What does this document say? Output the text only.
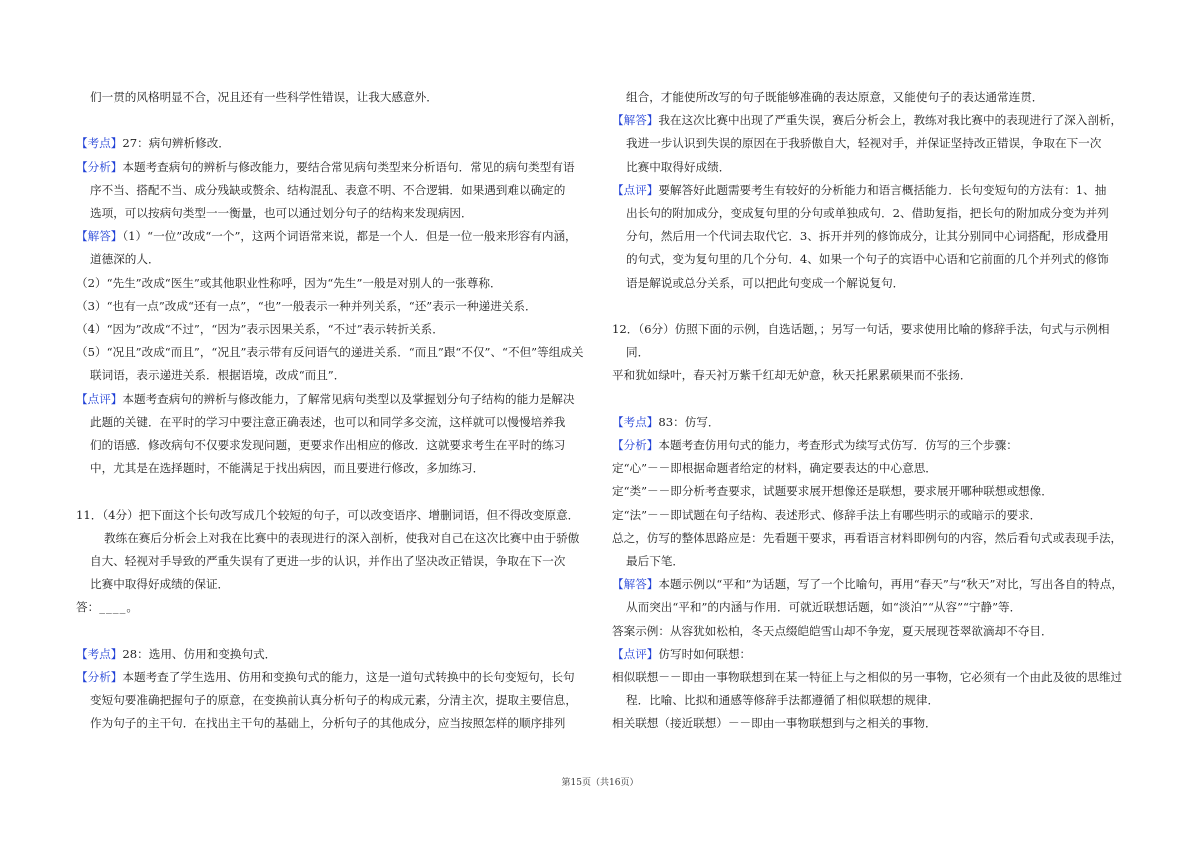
们一贯的风格明显不合，况且还有一些科学性错误，让我大感意外．

【考点】27：病句辨析修改．

【分析】本题考查病句的辨析与修改能力，要结合常见病句类型来分析语句．常见的病句类型有语

序不当、搭配不当、成分残缺或赘余、结构混乱、表意不明、不合逻辑．如果遇到难以确定的

选项，可以按病句类型一一衡量，也可以通过划分句子的结构来发现病因．

【解答】（1）“一位”改成“一个”，这两个词语常来说，都是一个人．但是一位一般来形容有内涵，

道德深的人．

（2）“先生”改成“医生”或其他职业性称呼，因为“先生”一般是对别人的一张尊称．

（3）“也有一点”改成“还有一点”，“也”一般表示一种并列关系，“还”表示一种递进关系．

（4）“因为”改成“不过”，“因为”表示因果关系，“不过”表示转折关系．

（5）“况且”改成“而且”，“况且”表示带有反问语气的递进关系．“而且”跟“不仅”、“不但”等组成关

联词语，表示递进关系．根据语境，改成“而且”．

【点评】本题考查病句的辨析与修改能力，了解常见病句类型以及掌握划分句子结构的能力是解决

此题的关键．在平时的学习中要注意正确表述，也可以和同学多交流，这样就可以慢慢培养我

们的语感．修改病句不仅要求发现问题，更要求作出相应的修改．这就要求考生在平时的练习

中，尤其是在选择题时，不能满足于找出病因，而且要进行修改，多加练习．

11．（4分）把下面这个长句改写成几个较短的句子，可以改变语序、增删词语，但不得改变原意．

教练在赛后分析会上对我在比赛中的表现进行的深入剖析，使我对自己在这次比赛中由于骄傲

自大、轻视对手导致的严重失误有了更进一步的认识，并作出了坚决改正错误，争取在下一次

比赛中取得好成绩的保证．

答：____。

【考点】28：选用、仿用和变换句式．

【分析】本题考查了学生选用、仿用和变换句式的能力，这是一道句式转换中的长句变短句，长句

变短句要准确把握句子的原意，在变换前认真分析句子的构成元素，分清主次，提取主要信息，

作为句子的主干句．在找出主干句的基础上，分析句子的其他成分，应当按照怎样的顺序排列

组合，才能使所改写的句子既能够准确的表达原意，又能使句子的表达通常连贯．

【解答】我在这次比赛中出现了严重失误，赛后分析会上，教练对我比赛中的表现进行了深入剖析，

我进一步认识到失误的原因在于我骄傲自大，轻视对手，并保证坚持改正错误，争取在下一次

比赛中取得好成绩．

【点评】要解答好此题需要考生有较好的分析能力和语言概括能力．长句变短句的方法有：1、抽

出长句的附加成分，变成复句里的分句或单独成句．2、借助复指，把长句的附加成分变为并列

分句，然后用一个代词去取代它．3、拆开并列的修饰成分，让其分别同中心词搭配，形成叠用

的句式，变为复句里的几个分句．4、如果一个句子的宾语中心语和它前面的几个并列式的修饰

语是解说或总分关系，可以把此句变成一个解说复句．

12．（6分）仿照下面的示例，自选话题，；另写一句话，要求使用比喻的修辞手法，句式与示例相

同．

平和犹如绿叶，春天衬万紫千红却无妒意，秋天托累累硕果而不张扬．

【考点】83：仿写．

【分析】本题考查仿用句式的能力，考查形式为续写式仿写．仿写的三个步骤：

定“心”－－即根据命题者给定的材料，确定要表达的中心意思．

定“类”－－即分析考查要求，试题要求展开想像还是联想，要求展开哪种联想或想像．

定“法”－－即试题在句子结构、表述形式、修辞手法上有哪些明示的或暗示的要求．

总之，仿写的整体思路应是：先看题干要求，再看语言材料即例句的内容，然后看句式或表现手法，

最后下笔．

【解答】本题示例以“平和”为话题，写了一个比喻句，再用“春天”与“秋天”对比，写出各自的特点，

从而突出“平和”的内涵与作用．可就近联想话题，如“淡泊”“从容”“宁静”等．

答案示例：从容犹如松柏，冬天点缀皑皑雪山却不争宠，夏天展现苍翠欲滴却不夺目．

【点评】仿写时如何联想：

相似联想－－即由一事物联想到在某一特征上与之相似的另一事物，它必须有一个由此及彼的思维过

程．比喻、比拟和通感等修辞手法都遵循了相似联想的规律．

相关联想（接近联想）－－即由一事物联想到与之相关的事物．

第15页（共16页）
